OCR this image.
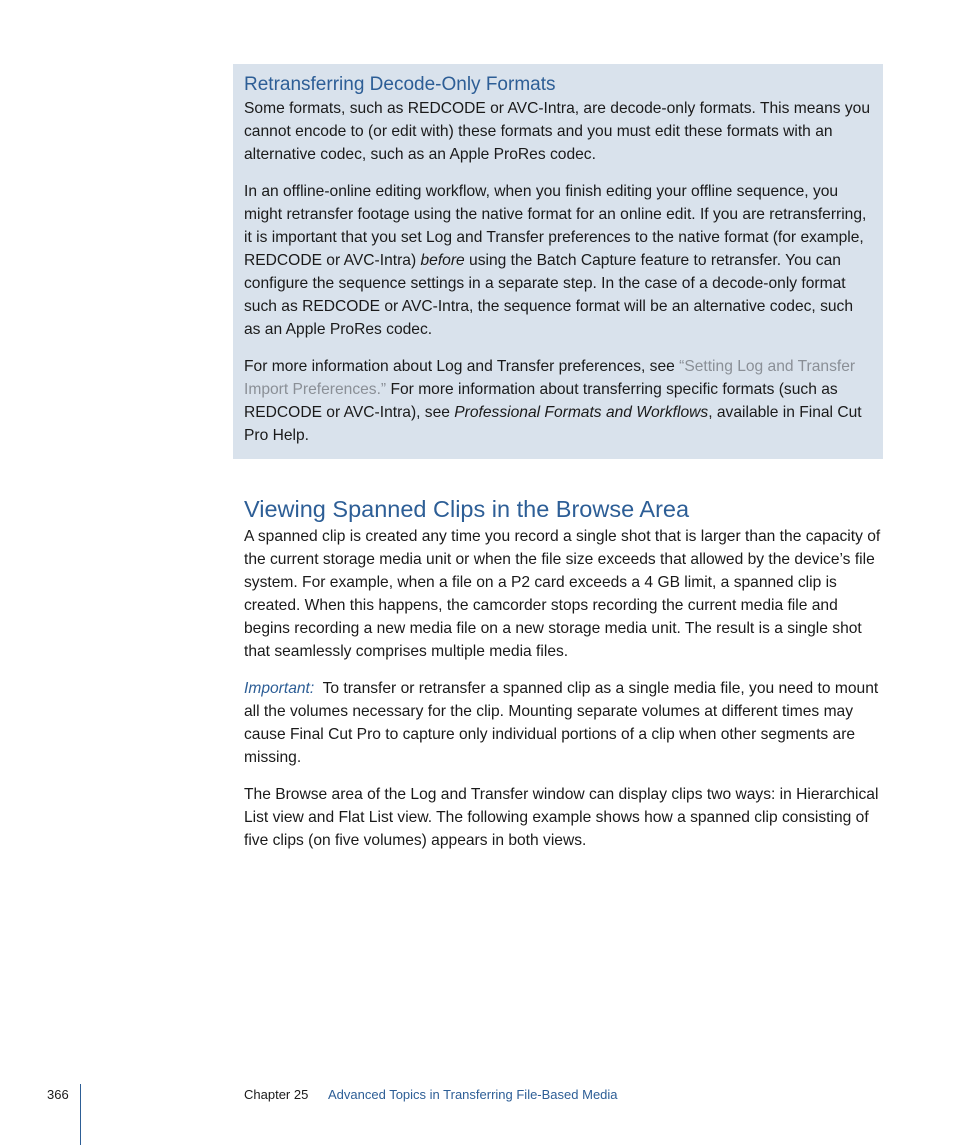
Retransferring Decode-Only Formats

Some formats, such as REDCODE or AVC-Intra, are decode-only formats. This means you cannot encode to (or edit with) these formats and you must edit these formats with an alternative codec, such as an Apple ProRes codec.

In an offline-online editing workflow, when you finish editing your offline sequence, you might retransfer footage using the native format for an online edit. If you are retransferring, it is important that you set Log and Transfer preferences to the native format (for example, REDCODE or AVC-Intra) before using the Batch Capture feature to retransfer. You can configure the sequence settings in a separate step. In the case of a decode-only format such as REDCODE or AVC-Intra, the sequence format will be an alternative codec, such as an Apple ProRes codec.

For more information about Log and Transfer preferences, see “Setting Log and Transfer Import Preferences.” For more information about transferring specific formats (such as REDCODE or AVC-Intra), see Professional Formats and Workflows, available in Final Cut Pro Help.

Viewing Spanned Clips in the Browse Area

A spanned clip is created any time you record a single shot that is larger than the capacity of the current storage media unit or when the file size exceeds that allowed by the device’s file system. For example, when a file on a P2 card exceeds a 4 GB limit, a spanned clip is created. When this happens, the camcorder stops recording the current media file and begins recording a new media file on a new storage media unit. The result is a single shot that seamlessly comprises multiple media files.

Important:  To transfer or retransfer a spanned clip as a single media file, you need to mount all the volumes necessary for the clip. Mounting separate volumes at different times may cause Final Cut Pro to capture only individual portions of a clip when other segments are missing.

The Browse area of the Log and Transfer window can display clips two ways: in Hierarchical List view and Flat List view. The following example shows how a spanned clip consisting of five clips (on five volumes) appears in both views.

366	Chapter 25 Advanced Topics in Transferring File-Based Media
